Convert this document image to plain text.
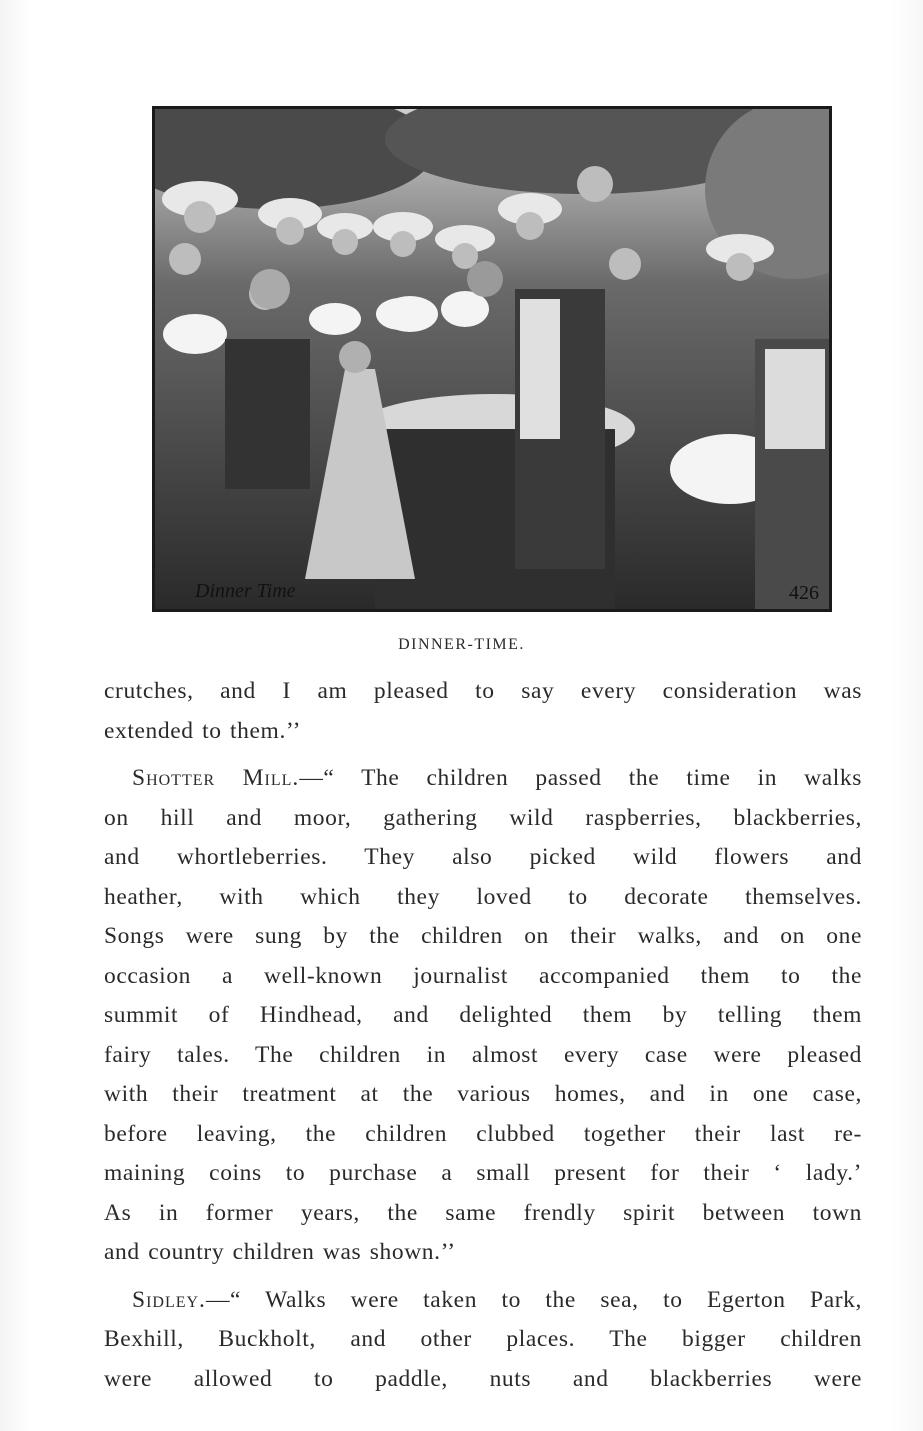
Dinner Time	426
DINNER-TIME.
crutches, and I am pleased to say every consideration was
extended to them.’’
Shotter Mill.—“ The children passed the time in walks
on hill and moor, gathering wild raspberries, blackberries,
and whortleberries. They also picked wild flowers and
heather, with which they loved to decorate themselves.
Songs were sung by the children on their walks, and on one
occasion a well-known journalist accompanied them to the
summit of Hindhead, and delighted them by telling them
fairy tales. The children in almost every case were pleased
with their treatment at the various homes, and in one case,
before leaving, the children clubbed together their last re-
maining coins to purchase a small present for their ‘ lady.’
As in former years, the same frendly spirit between town
and country children was shown.’’
Sidley.—“ Walks were taken to the sea, to Egerton Park,
Bexhill, Buckholt, and other places. The bigger children
were allowed to paddle, nuts and blackberries were
